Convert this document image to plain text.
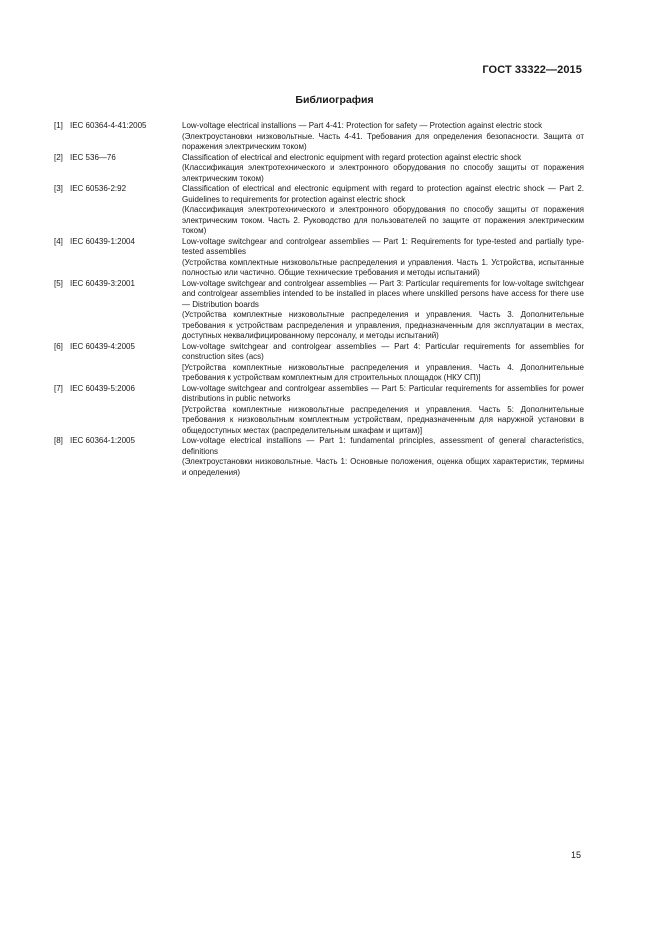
ГОСТ 33322—2015
Библиография
[1] IEC 60364-4-41:2005	Low-voltage electrical installions — Part 4-41: Protection for safety — Protection against electric stock

(Электроустановки низковольтные. Часть 4-41. Требования для определения безопасности. Защита от поражения электрическим током)

[2] IEC 536—76	Classification of electrical and electronic equipment with regard protection against electric shock

(Классификация электротехнического и электронного оборудования по способу защиты от поражения электрическим током)

[3] IEC 60536-2:92	Classification of electrical and electronic equipment with regard to protection against electric shock — Part 2. Guidelines to requirements for protection against electric shock

(Классификация электротехнического и электронного оборудования по способу защиты от поражения электрическим током. Часть 2. Руководство для пользователей по защите от поражения электрическим током)

[4] IEC 60439-1:2004	Low-voltage switchgear and controlgear assemblies — Part 1: Requirements for type-tested and partially type-tested assemblies

(Устройства комплектные низковольтные распределения и управления. Часть 1. Устройства, испытанные полностью или частично. Общие технические требования и методы испытаний)

[5] IEC 60439-3:2001	Low-voltage switchgear and controlgear assemblies — Part 3: Particular requirements for low-voltage switchgear and controlgear assemblies intended to be installed in places where unskilled persons have access for there use — Distribution boards

(Устройства комплектные низковольтные распределения и управления. Часть 3. Дополнительные требования к устройствам распределения и управления, предназначенным для эксплуатации в местах, доступных неквалифицированному персоналу, и методы испытаний)

[6] IEC 60439-4:2005	Low-voltage switchgear and controlgear assemblies — Part 4: Particular requirements for assemblies for construction sites (acs)

[Устройства комплектные низковольтные распределения и управления. Часть 4. Дополнительные требования к устройствам комплектным для строительных площадок (НКУ СП)]

[7] IEC 60439-5:2006	Low-voltage switchgear and controlgear assemblies — Part 5: Particular requirements for assemblies for power distributions in public networks

[Устройства комплектные низковольтные распределения и управления. Часть 5: Дополнительные требования к низковольтным комплектным устройствам, предназначенным для наружной установки в общедоступных местах (распределительным шкафам и щитам)]

[8] IEC 60364-1:2005	Low-voltage electrical installions — Part 1: fundamental principles, assessment of general characteristics, definitions

(Электроустановки низковольтные. Часть 1: Основные положения, оценка общих характеристик, термины и определения)

15
